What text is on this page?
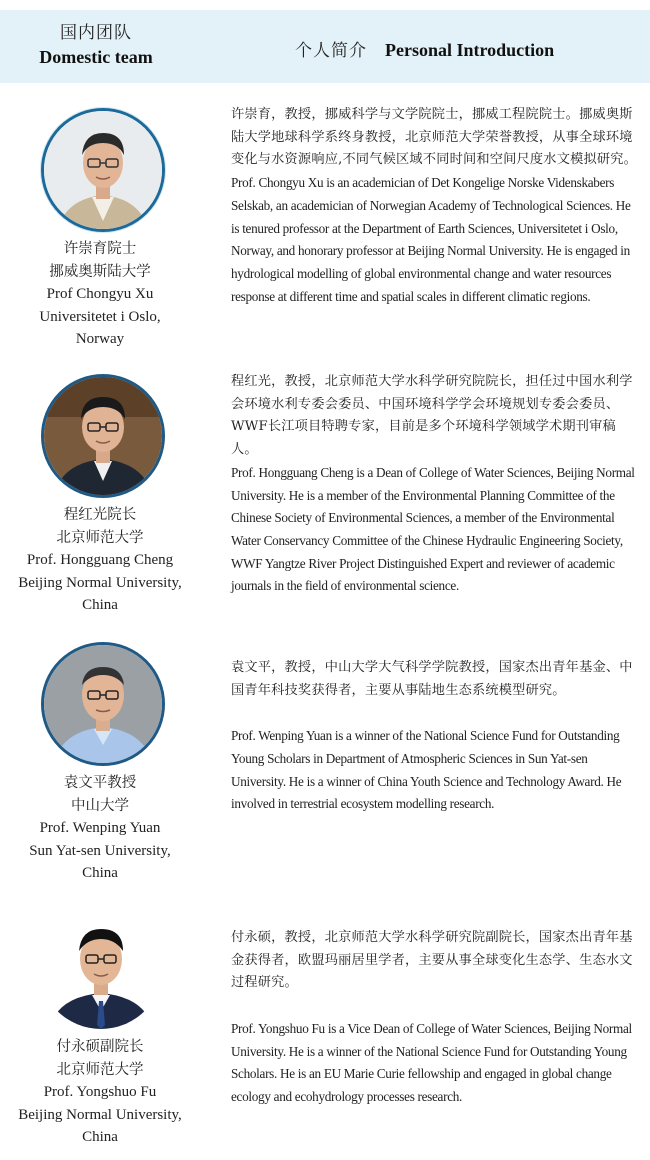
国内团队
Domestic team	个人简介 Personal Introduction
许崇育院士
挪威奥斯陆大学
Prof Chongyu Xu
Universitetet i Oslo,
Norway

许崇育，教授，挪威科学与文学院院士，挪威工程院院士。挪威奥斯陆大学地球科学系终身教授，北京师范大学荣誉教授，从事全球环境变化与水资源响应,不同气候区域不同时间和空间尺度水文模拟研究。

Prof. Chongyu Xu is an academician of Det Kongelige Norske Videnskabers Selskab, an academician of Norwegian Academy of Technological Sciences. He is tenured professor at the Department of Earth Sciences, Universitetet i Oslo, Norway, and honorary professor at Beijing Normal University. He is engaged in hydrological modelling of global environmental change and water resources response at different time and spatial scales in different climatic regions.

程红光院长
北京师范大学
Prof. Hongguang Cheng
Beijing Normal University,
China

程红光，教授，北京师范大学水科学研究院院长，担任过中国水利学会环境水利专委会委员、中国环境科学学会环境规划专委会委员、WWF长江项目特聘专家，目前是多个环境科学领域学术期刊审稿人。

Prof. Hongguang Cheng is a Dean of College of Water Sciences, Beijing Normal University. He is a member of the Environmental Planning Committee of the Chinese Society of Environmental Sciences, a member of the Environmental Water Conservancy Committee of the Chinese Hydraulic Engineering Society, WWF Yangtze River Project Distinguished Expert and reviewer of academic journals in the field of environmental science.

袁文平教授
中山大学
Prof. Wenping Yuan
Sun Yat-sen University,
China

袁文平，教授，中山大学大气科学学院教授，国家杰出青年基金、中国青年科技奖获得者，主要从事陆地生态系统模型研究。

Prof. Wenping Yuan is a winner of the National Science Fund for Outstanding Young Scholars in Department of Atmospheric Sciences in Sun Yat-sen University. He is a winner of China Youth Science and Technology Award. He involved in terrestrial ecosystem modelling research.

付永硕副院长
北京师范大学
Prof. Yongshuo Fu
Beijing Normal University,
China

付永硕，教授，北京师范大学水科学研究院副院长，国家杰出青年基金获得者，欧盟玛丽居里学者，主要从事全球变化生态学、生态水文过程研究。

Prof. Yongshuo Fu is a Vice Dean of College of Water Sciences, Beijing Normal University. He is a winner of the National Science Fund for Outstanding Young Scholars. He is an EU Marie Curie fellowship and engaged in global change ecology and ecohydrology processes research.
